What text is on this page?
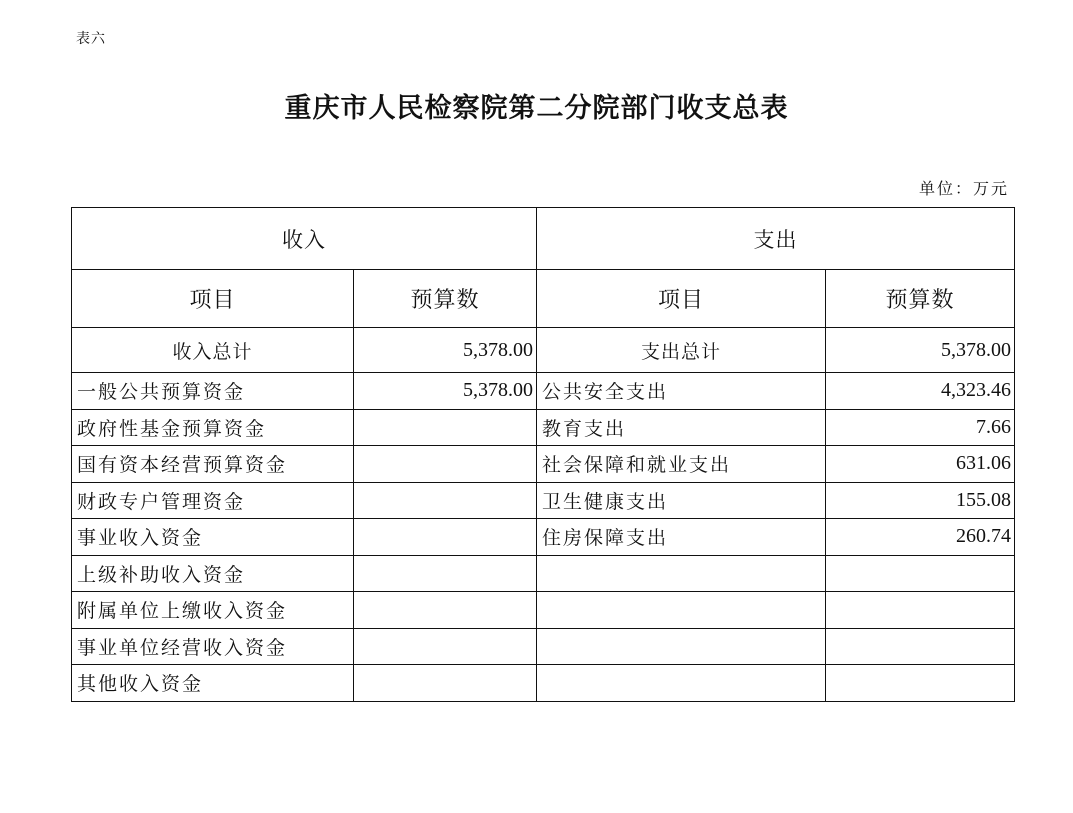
表六
重庆市人民检察院第二分院部门收支总表
单位：万元
收入		支出	
项目	预算数	项目	预算数
收入总计	5,378.00	支出总计	5,378.00
一般公共预算资金	5,378.00	公共安全支出	4,323.46
政府性基金预算资金		教育支出	7.66
国有资本经营预算资金		社会保障和就业支出	631.06
财政专户管理资金		卫生健康支出	155.08
事业收入资金		住房保障支出	260.74
上级补助收入资金			
附属单位上缴收入资金			
事业单位经营收入资金			
其他收入资金			
